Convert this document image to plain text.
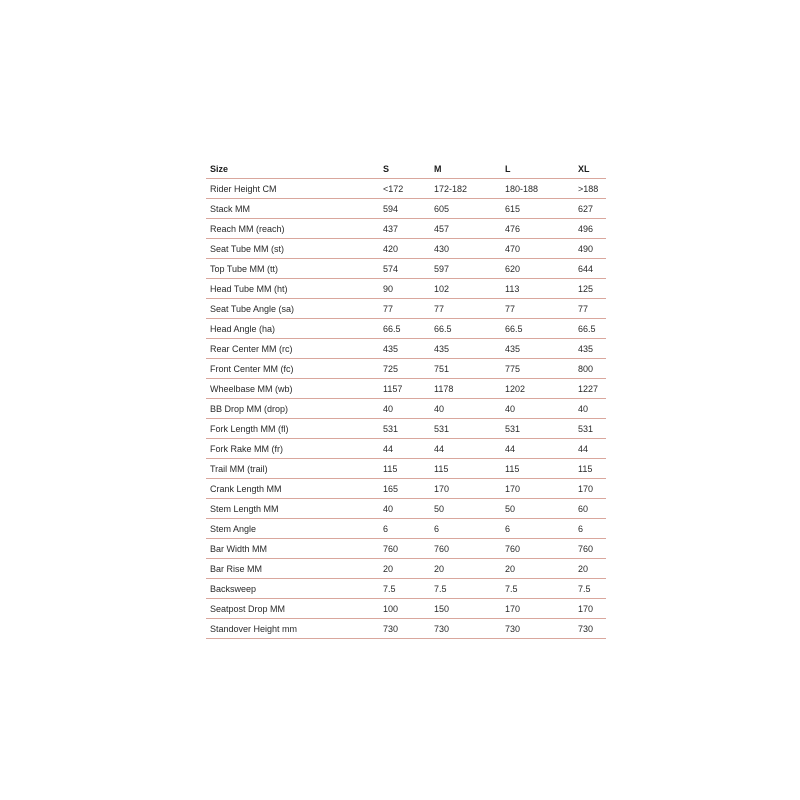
Size	S	M	L	XL
Rider Height CM	<172	172-182	180-188	>188
Stack MM	594	605	615	627
Reach MM (reach)	437	457	476	496
Seat Tube MM (st)	420	430	470	490
Top Tube MM (tt)	574	597	620	644
Head Tube MM (ht)	90	102	113	125
Seat Tube Angle (sa)	77	77	77	77
Head Angle (ha)	66.5	66.5	66.5	66.5
Rear Center MM (rc)	435	435	435	435
Front Center MM (fc)	725	751	775	800
Wheelbase MM (wb)	1157	1178	1202	1227
BB Drop MM (drop)	40	40	40	40
Fork Length MM (fl)	531	531	531	531
Fork Rake MM (fr)	44	44	44	44
Trail MM (trail)	115	115	115	115
Crank Length MM	165	170	170	170
Stem Length MM	40	50	50	60
Stem Angle	6	6	6	6
Bar Width MM	760	760	760	760
Bar Rise MM	20	20	20	20
Backsweep	7.5	7.5	7.5	7.5
Seatpost Drop MM	100	150	170	170
Standover Height mm	730	730	730	730
